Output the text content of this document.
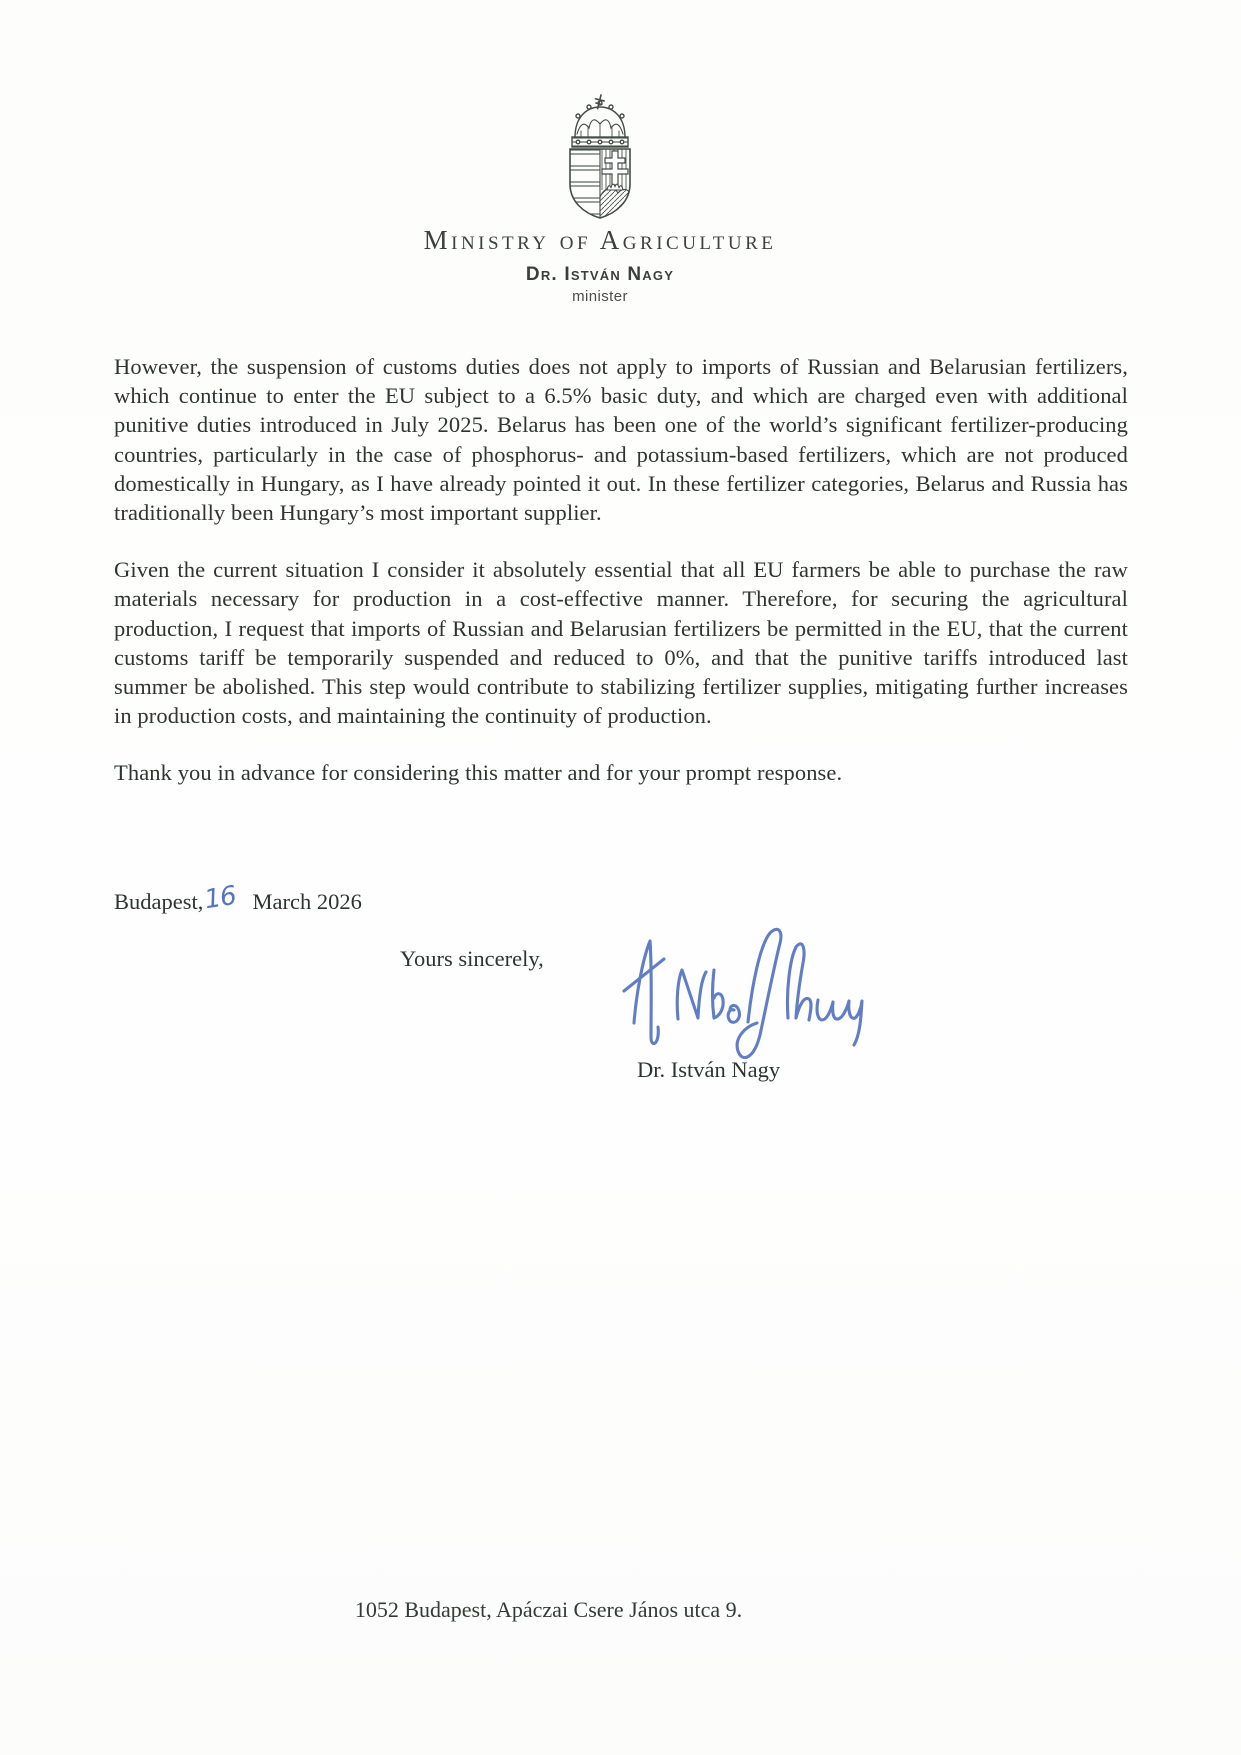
Ministry of Agriculture
Dr. István Nagy
minister

However, the suspension of customs duties does not apply to imports of Russian and Belarusian fertilizers, which continue to enter the EU subject to a 6.5% basic duty, and which are charged even with additional punitive duties introduced in July 2025. Belarus has been one of the world’s significant fertilizer-producing countries, particularly in the case of phosphorus- and potassium-based fertilizers, which are not produced domestically in Hungary, as I have already pointed it out. In these fertilizer categories, Belarus and Russia has traditionally been Hungary’s most important supplier.

Given the current situation I consider it absolutely essential that all EU farmers be able to purchase the raw materials necessary for production in a cost-effective manner. Therefore, for securing the agricultural production, I request that imports of Russian and Belarusian fertilizers be permitted in the EU, that the current customs tariff be temporarily suspended and reduced to 0%, and that the punitive tariffs introduced last summer be abolished. This step would contribute to stabilizing fertilizer supplies, mitigating further increases in production costs, and maintaining the continuity of production.

Thank you in advance for considering this matter and for your prompt response.

Budapest,16 March 2026
Yours sincerely,
Dr. István Nagy
1052 Budapest, Apáczai Csere János utca 9.
